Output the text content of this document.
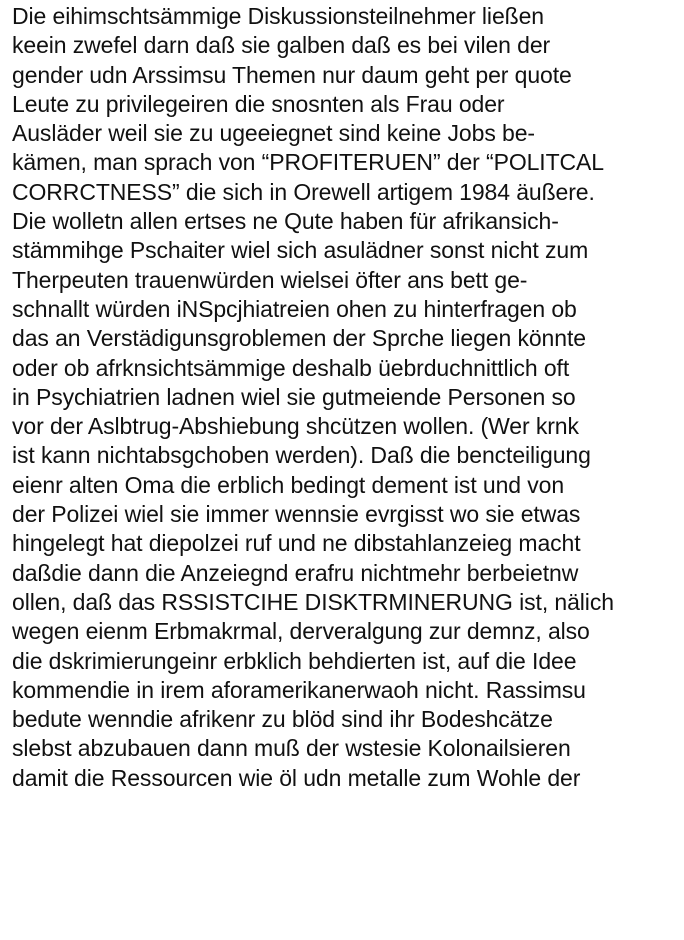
Die eihimschtsämmige Diskussionsteilnehmer ließen
keein zwefel darn daß sie galben daß es bei vilen der
gender udn Arssimsu Themen nur daum geht per quote
Leute zu privilegeiren die snosnten als Frau oder
Ausläder weil sie zu ugeeiegnet sind keine Jobs be-
kämen, man sprach von “PROFITERUEN” der “POLITCAL
CORRCTNESS” die sich in Orewell artigem 1984 äußere.
Die wolletn allen ertses ne Qute haben für afrikansich-
stämmihge Pschaiter wiel sich asulädner sonst nicht zum
Therpeuten trauenwürden wielsei öfter ans bett ge-
schnallt würden iNSpcjhiatreien ohen zu hinterfragen ob
das an Verstädigunsgroblemen der Sprche liegen könnte
oder ob afrknsichtsämmige deshalb üebrduchnittlich oft
in Psychiatrien ladnen wiel sie gutmeiende Personen so
vor der Aslbtrug-Abshiebung shcützen wollen. (Wer krnk
ist kann nichtabsgchoben werden). Daß die bencteiligung
eienr alten Oma die erblich bedingt dement ist und von
der Polizei wiel sie immer wennsie evrgisst wo sie etwas
hingelegt hat diepolzei ruf und ne dibstahlanzeieg macht
daßdie dann die Anzeiegnd erafru nichtmehr berbeietnw
ollen, daß das RSSISTCIHE DISKTRMINERUNG ist, nälich
wegen eienm Erbmakrmal, derveralgung zur demnz, also
die dskrimierungeinr erbklich behdierten ist, auf die Idee
kommendie in irem aforamerikanerwaoh nicht. Rassimsu
bedute wenndie afrikenr zu blöd sind ihr Bodeshcätze
slebst abzubauen dann muß der wstesie Kolonailsieren
damit die Ressourcen wie öl udn metalle zum Wohle der
